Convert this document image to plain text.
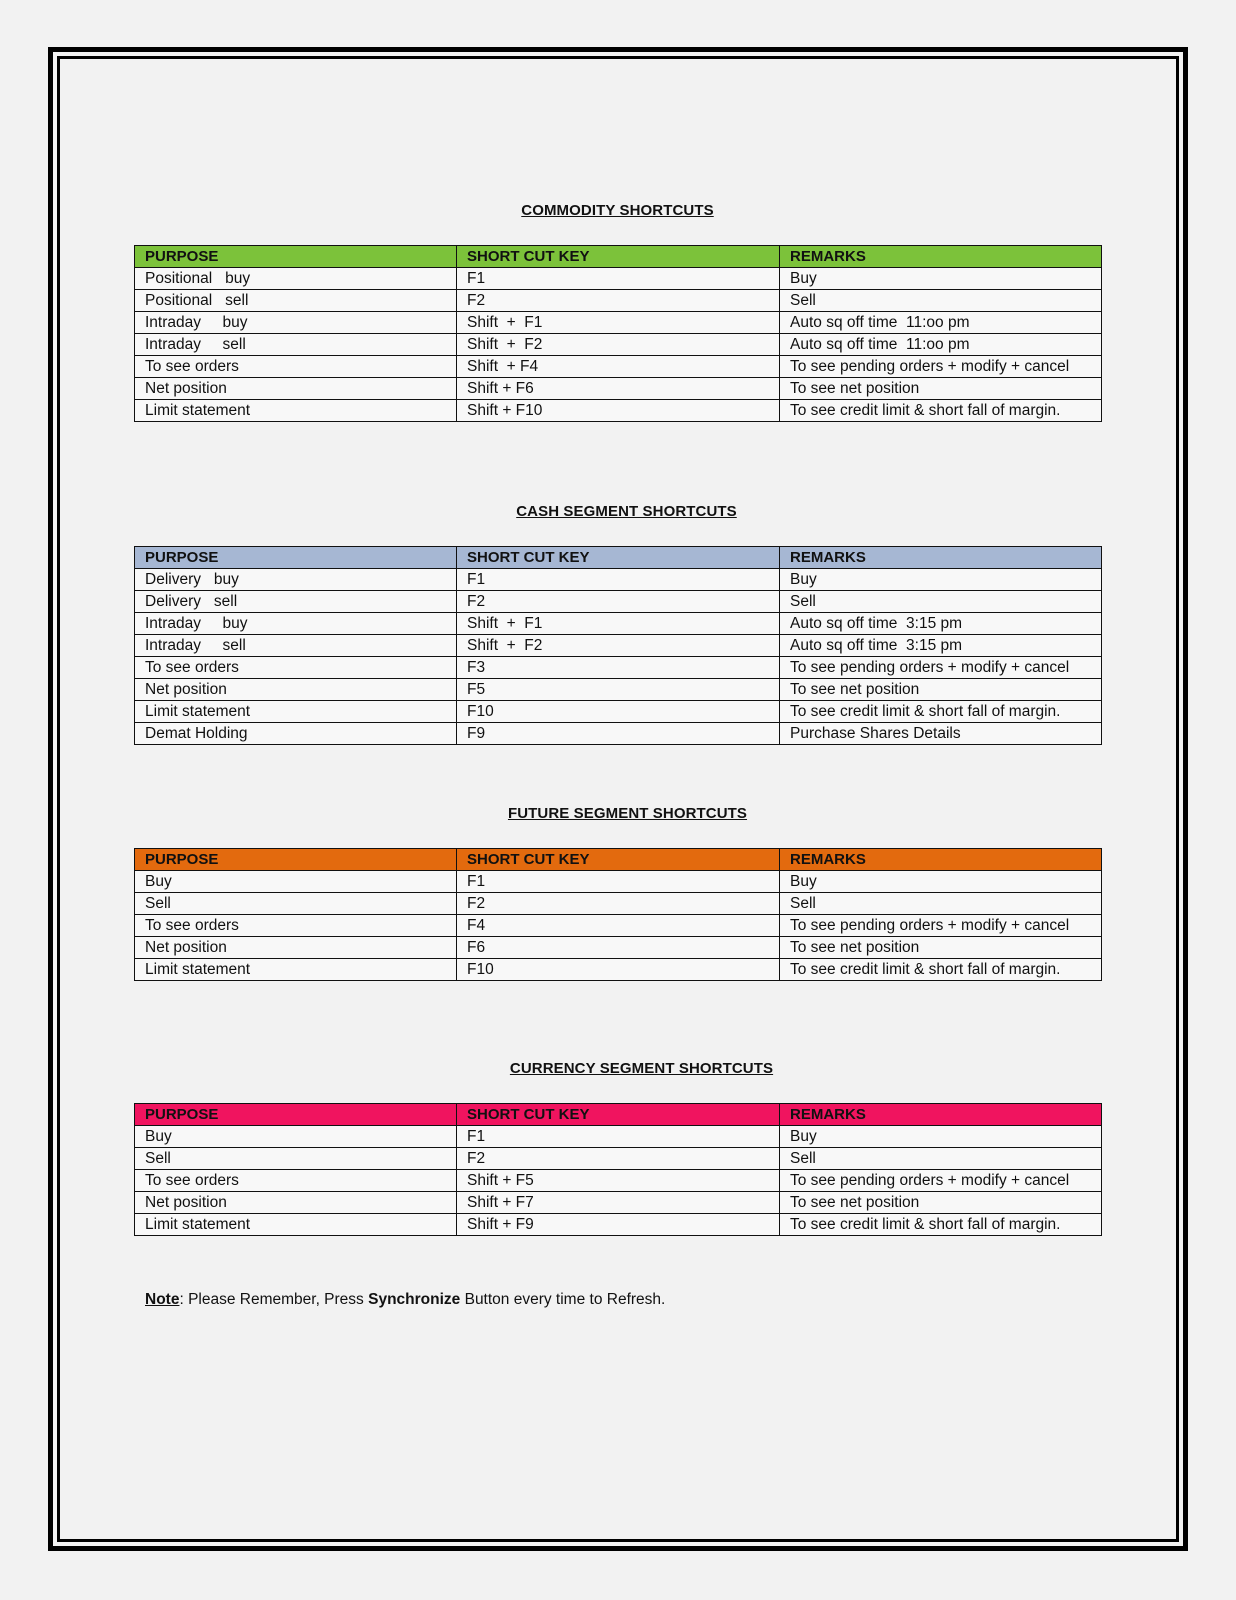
COMMODITY SHORTCUTS
PURPOSE	SHORT CUT KEY	REMARKS
Positional   buy	F1	Buy
Positional   sell	F2	Sell
Intraday     buy	Shift  +  F1	Auto sq off time  11:oo pm
Intraday     sell	Shift  +  F2	Auto sq off time  11:oo pm
To see orders	Shift  + F4	To see pending orders + modify + cancel
Net position	Shift + F6	To see net position
Limit statement	Shift + F10	To see credit limit & short fall of margin.
CASH SEGMENT SHORTCUTS
PURPOSE	SHORT CUT KEY	REMARKS
Delivery   buy	F1	Buy
Delivery   sell	F2	Sell
Intraday     buy	Shift  +  F1	Auto sq off time  3:15 pm
Intraday     sell	Shift  +  F2	Auto sq off time  3:15 pm
To see orders	F3	To see pending orders + modify + cancel
Net position	F5	To see net position
Limit statement	F10	To see credit limit & short fall of margin.
Demat Holding	F9	Purchase Shares Details
FUTURE SEGMENT SHORTCUTS
PURPOSE	SHORT CUT KEY	REMARKS
Buy	F1	Buy
Sell	F2	Sell
To see orders	F4	To see pending orders + modify + cancel
Net position	F6	To see net position
Limit statement	F10	To see credit limit & short fall of margin.
CURRENCY SEGMENT SHORTCUTS
PURPOSE	SHORT CUT KEY	REMARKS
Buy	F1	Buy
Sell	F2	Sell
To see orders	Shift + F5	To see pending orders + modify + cancel
Net position	Shift + F7	To see net position
Limit statement	Shift + F9	To see credit limit & short fall of margin.
Note: Please Remember, Press Synchronize Button every time to Refresh.
